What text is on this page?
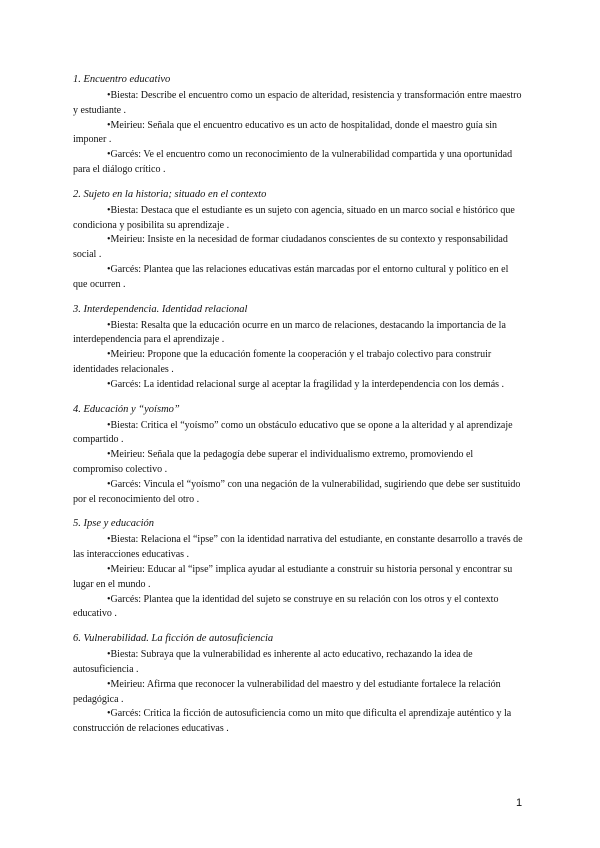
1. Encuentro educativo

•Biesta: Describe el encuentro como un espacio de alteridad, resistencia y transformación entre maestro y estudiante .

•Meirieu: Señala que el encuentro educativo es un acto de hospitalidad, donde el maestro guía sin imponer .

•Garcés: Ve el encuentro como un reconocimiento de la vulnerabilidad compartida y una oportunidad para el diálogo crítico .

2. Sujeto en la historia; situado en el contexto

•Biesta: Destaca que el estudiante es un sujeto con agencia, situado en un marco social e histórico que condiciona y posibilita su aprendizaje .

•Meirieu: Insiste en la necesidad de formar ciudadanos conscientes de su contexto y responsabilidad social .

•Garcés: Plantea que las relaciones educativas están marcadas por el entorno cultural y político en el que ocurren .

3. Interdependencia. Identidad relacional

•Biesta: Resalta que la educación ocurre en un marco de relaciones, destacando la importancia de la interdependencia para el aprendizaje .

•Meirieu: Propone que la educación fomente la cooperación y el trabajo colectivo para construir identidades relacionales .

•Garcés: La identidad relacional surge al aceptar la fragilidad y la interdependencia con los demás .

4. Educación y “yoísmo”

•Biesta: Critica el “yoísmo” como un obstáculo educativo que se opone a la alteridad y al aprendizaje compartido .

•Meirieu: Señala que la pedagogía debe superar el individualismo extremo, promoviendo el compromiso colectivo .

•Garcés: Vincula el “yoísmo” con una negación de la vulnerabilidad, sugiriendo que debe ser sustituido por el reconocimiento del otro .

5. Ipse y educación

•Biesta: Relaciona el “ipse” con la identidad narrativa del estudiante, en constante desarrollo a través de las interacciones educativas .

•Meirieu: Educar al “ipse” implica ayudar al estudiante a construir su historia personal y encontrar su lugar en el mundo .

•Garcés: Plantea que la identidad del sujeto se construye en su relación con los otros y el contexto educativo .

6. Vulnerabilidad. La ficción de autosuficiencia

•Biesta: Subraya que la vulnerabilidad es inherente al acto educativo, rechazando la idea de autosuficiencia .

•Meirieu: Afirma que reconocer la vulnerabilidad del maestro y del estudiante fortalece la relación pedagógica .

•Garcés: Critica la ficción de autosuficiencia como un mito que dificulta el aprendizaje auténtico y la construcción de relaciones educativas .

1
